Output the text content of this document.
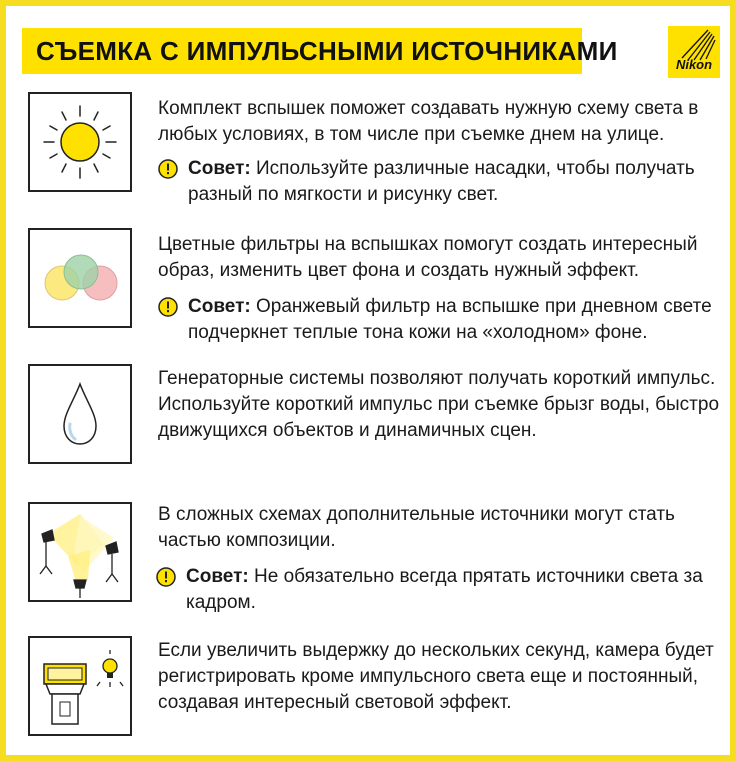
СЪЕМКА С ИМПУЛЬСНЫМИ ИСТОЧНИКАМИ	Nikon
Комплект вспышек поможет создавать нужную схему света в любых условиях, в том числе при съемке днем на улице.
Совет: Используйте различные насадки, чтобы получать разный по мягкости и рисунку свет.
Цветные фильтры на вспышках помогут создать интересный образ, изменить цвет фона и создать нужный эффект.
Совет: Оранжевый фильтр на вспышке при дневном свете подчеркнет теплые тона кожи на «холодном» фоне.
Генераторные системы позволяют получать короткий импульс. Используйте короткий импульс при съемке брызг воды, быстро движущихся объектов и динамичных сцен.
В сложных схемах дополнительные источники могут стать частью композиции.
Совет: Не обязательно всегда прятать источники света за кадром.
Если увеличить выдержку до нескольких секунд, камера будет регистрировать кроме импульсного света еще и постоянный, создавая интересный световой эффект.
